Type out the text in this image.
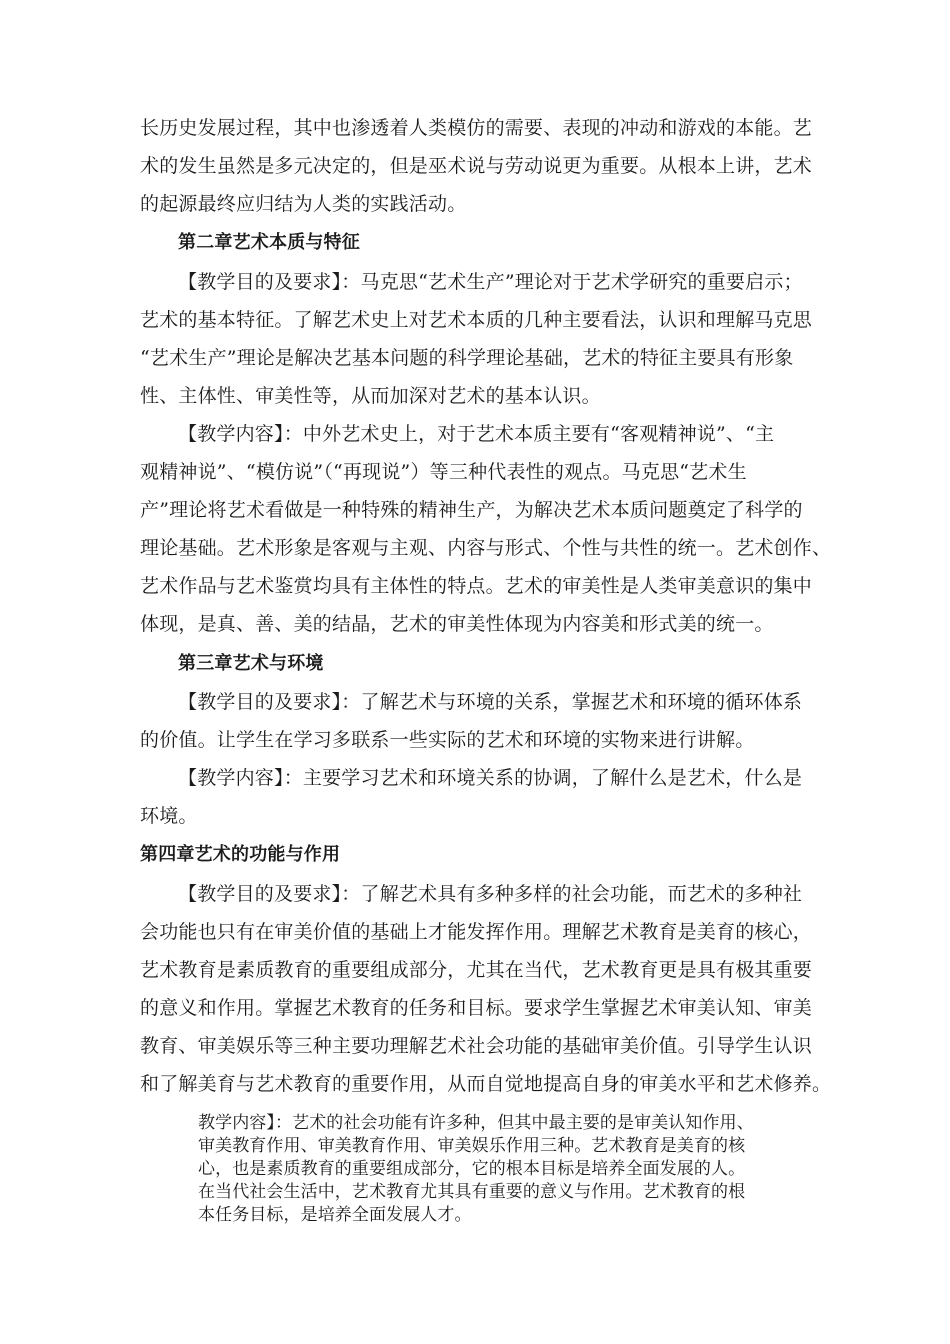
长历史发展过程，其中也渗透着人类模仿的需要、表现的冲动和游戏的本能。艺
术的发生虽然是多元决定的，但是巫术说与劳动说更为重要。从根本上讲，艺术
的起源最终应归结为人类的实践活动。
第二章艺术本质与特征
【教学目的及要求】：马克思“艺术生产”理论对于艺术学研究的重要启示；
艺术的基本特征。了解艺术史上对艺术本质的几种主要看法，认识和理解马克思
“艺术生产”理论是解决艺基本问题的科学理论基础，艺术的特征主要具有形象
性、主体性、审美性等，从而加深对艺术的基本认识。
【教学内容】：中外艺术史上，对于艺术本质主要有“客观精神说”、“主
观精神说”、“模仿说”（“再现说”）等三种代表性的观点。马克思“艺术生
产”理论将艺术看做是一种特殊的精神生产，为解决艺术本质问题奠定了科学的
理论基础。艺术形象是客观与主观、内容与形式、个性与共性的统一。艺术创作、
艺术作品与艺术鉴赏均具有主体性的特点。艺术的审美性是人类审美意识的集中
体现，是真、善、美的结晶，艺术的审美性体现为内容美和形式美的统一。
第三章艺术与环境
【教学目的及要求】：了解艺术与环境的关系，掌握艺术和环境的循环体系
的价值。让学生在学习多联系一些实际的艺术和环境的实物来进行讲解。
【教学内容】：主要学习艺术和环境关系的协调，了解什么是艺术，什么是
环境。
第四章艺术的功能与作用
【教学目的及要求】：了解艺术具有多种多样的社会功能，而艺术的多种社
会功能也只有在审美价值的基础上才能发挥作用。理解艺术教育是美育的核心，
艺术教育是素质教育的重要组成部分，尤其在当代，艺术教育更是具有极其重要
的意义和作用。掌握艺术教育的任务和目标。要求学生掌握艺术审美认知、审美
教育、审美娱乐等三种主要功理解艺术社会功能的基础审美价值。引导学生认识
和了解美育与艺术教育的重要作用，从而自觉地提高自身的审美水平和艺术修养。
教学内容】：艺术的社会功能有许多种，但其中最主要的是审美认知作用、
审美教育作用、审美教育作用、审美娱乐作用三种。艺术教育是美育的核
心，也是素质教育的重要组成部分，它的根本目标是培养全面发展的人。
在当代社会生活中，艺术教育尤其具有重要的意义与作用。艺术教育的根
本任务目标，是培养全面发展人才。
